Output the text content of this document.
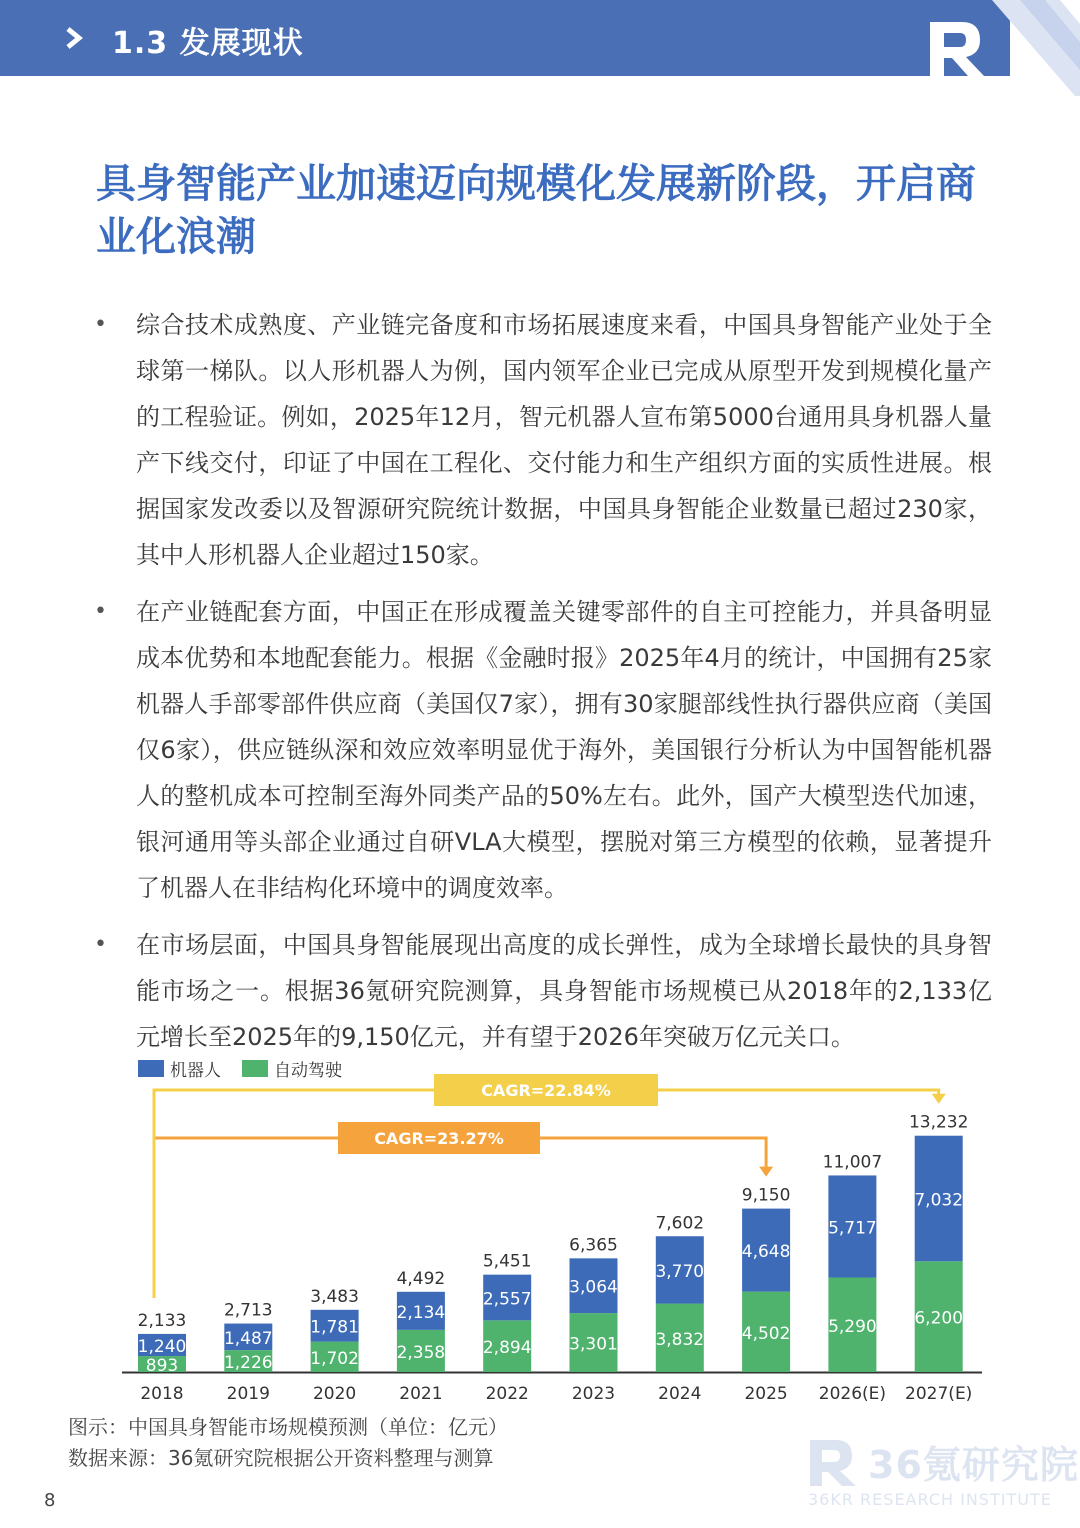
1.3 发展现状
具身智能产业加速迈向规模化发展新阶段，开启商业化浪潮
•	综合技术成熟度、产业链完备度和市场拓展速度来看，中国具身智能产业处于全球第一梯队。以人形机器人为例，国内领军企业已完成从原型开发到规模化量产的工程验证。例如，2025年12月，智元机器人宣布第5000台通用具身机器人量产下线交付，印证了中国在工程化、交付能力和生产组织方面的实质性进展。根据国家发改委以及智源研究院统计数据，中国具身智能企业数量已超过230家，其中人形机器人企业超过150家。
•	在产业链配套方面，中国正在形成覆盖关键零部件的自主可控能力，并具备明显成本优势和本地配套能力。根据《金融时报》2025年4月的统计，中国拥有25家机器人手部零部件供应商（美国仅7家），拥有30家腿部线性执行器供应商（美国仅6家），供应链纵深和效应效率明显优于海外，美国银行分析认为中国智能机器人的整机成本可控制至海外同类产品的50%左右。此外，国产大模型迭代加速，银河通用等头部企业通过自研VLA大模型，摆脱对第三方模型的依赖，显著提升了机器人在非结构化环境中的调度效率。
•	在市场层面，中国具身智能展现出高度的成长弹性，成为全球增长最快的具身智能市场之一。根据36氪研究院测算，具身智能市场规模已从2018年的2,133亿元增长至2025年的9,150亿元，并有望于2026年突破万亿元关口。
机器人	自动驾驶
893
1,240
2,133
2018
1,226
1,487
2,713
2019
1,702
1,781
3,483
2020
2,358
2,134
4,492
2021
2,894
2,557
5,451
2022
3,301
3,064
6,365
2023
3,832
3,770
7,602
2024
4,502
4,648
9,150
2025
5,290
5,717
11,007
2026(E)
6,200
7,032
13,232
2027(E)
CAGR=23.27%
CAGR=22.84%
图示：中国具身智能市场规模预测（单位：亿元）
数据来源：36氪研究院根据公开资料整理与测算	36氪研究院
36KR RESEARCH INSTITUTE
8
